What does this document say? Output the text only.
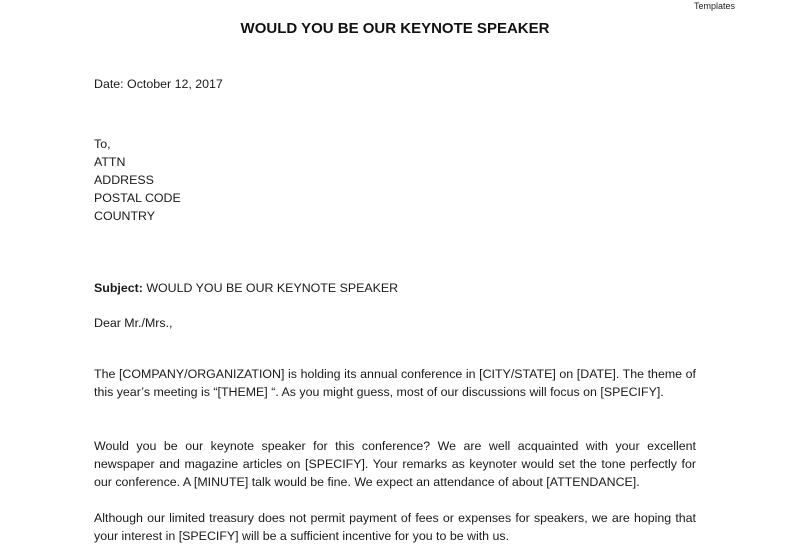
Templates
WOULD YOU BE OUR KEYNOTE SPEAKER
Date: October 12, 2017
To,
ATTN
ADDRESS
POSTAL CODE
COUNTRY
Subject: WOULD YOU BE OUR KEYNOTE SPEAKER
Dear Mr./Mrs.,
The [COMPANY/ORGANIZATION] is holding its annual conference in [CITY/STATE] on [DATE]. The theme of this year’s meeting is “[THEME] “. As you might guess, most of our discussions will focus on [SPECIFY].
Would you be our keynote speaker for this conference? We are well acquainted with your excellent newspaper and magazine articles on [SPECIFY]. Your remarks as keynoter would set the tone perfectly for our conference. A [MINUTE] talk would be fine. We expect an attendance of about [ATTENDANCE].
Although our limited treasury does not permit payment of fees or expenses for speakers, we are hoping that your interest in [SPECIFY] will be a sufficient incentive for you to be with us.
